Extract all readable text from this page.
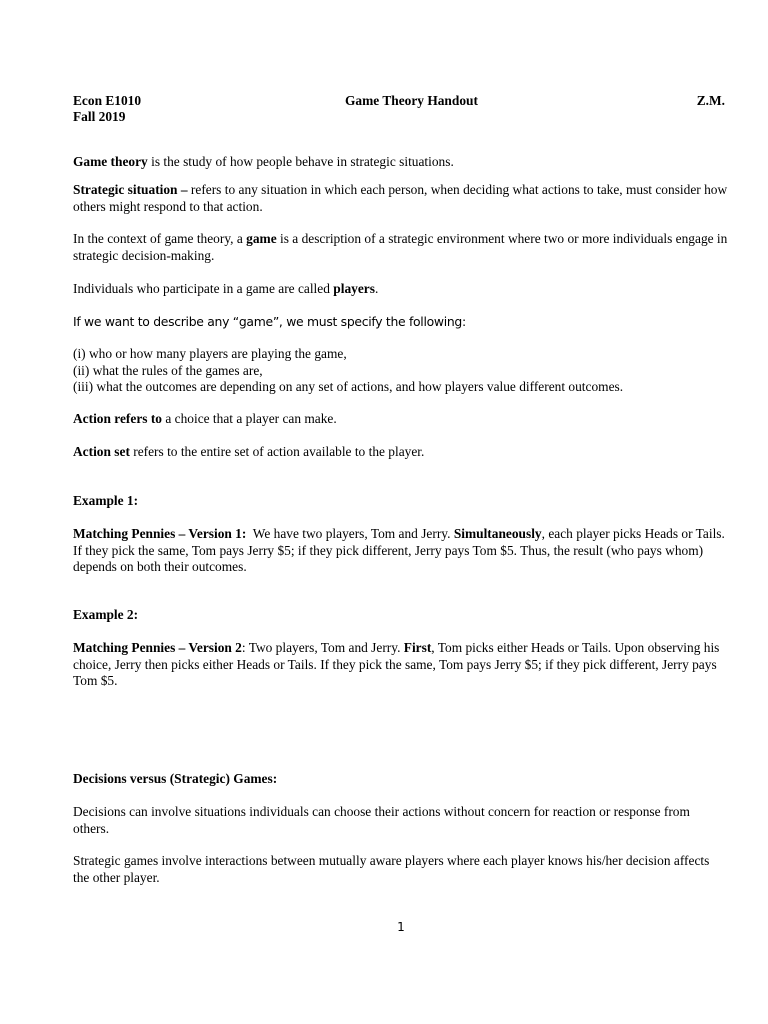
Econ E1010	Game Theory Handout	Z.M.
Fall 2019

Game theory is the study of how people behave in strategic situations.

Strategic situation – refers to any situation in which each person, when deciding what actions to take, must consider how others might respond to that action.

In the context of game theory, a game is a description of a strategic environment where two or more individuals engage in strategic decision-making.

Individuals who participate in a game are called players.

If we want to describe any “game”, we must specify the following:

(i) who or how many players are playing the game,
(ii) what the rules of the games are,
(iii) what the outcomes are depending on any set of actions, and how players value different outcomes.

Action refers to a choice that a player can make.

Action set refers to the entire set of action available to the player.

Example 1:

Matching Pennies – Version 1:  We have two players, Tom and Jerry. Simultaneously, each player picks Heads or Tails. If they pick the same, Tom pays Jerry $5; if they pick different, Jerry pays Tom $5. Thus, the result (who pays whom) depends on both their outcomes.

Example 2:

Matching Pennies – Version 2: Two players, Tom and Jerry. First, Tom picks either Heads or Tails. Upon observing his choice, Jerry then picks either Heads or Tails. If they pick the same, Tom pays Jerry $5; if they pick different, Jerry pays Tom $5.

Decisions versus (Strategic) Games:

Decisions can involve situations individuals can choose their actions without concern for reaction or response from others.

Strategic games involve interactions between mutually aware players where each player knows his/her decision affects the other player.

1
